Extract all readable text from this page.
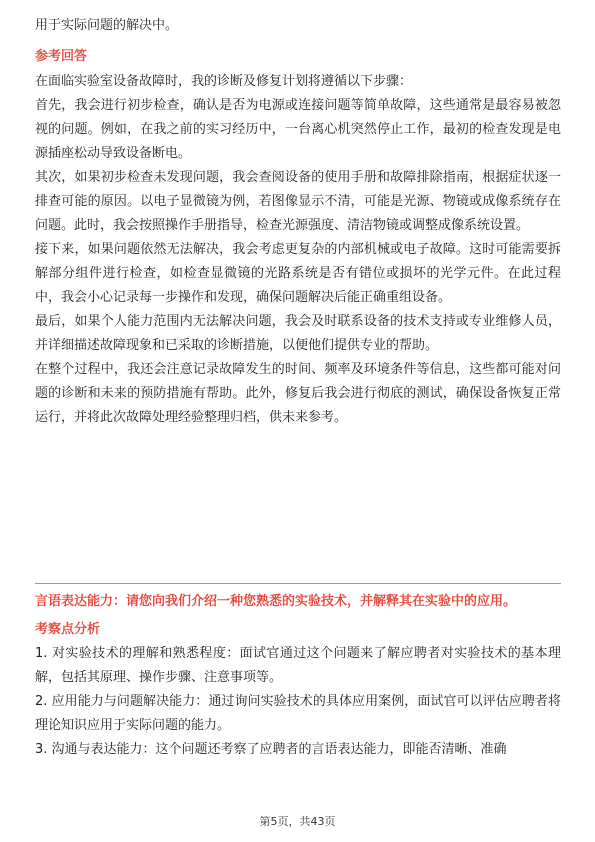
用于实际问题的解决中。

参考回答

在面临实验室设备故障时，我的诊断及修复计划将遵循以下步骤：

首先，我会进行初步检查，确认是否为电源或连接问题等简单故障，这些通常是最容易被忽视的问题。例如，在我之前的实习经历中，一台离心机突然停止工作，最初的检查发现是电源插座松动导致设备断电。

其次，如果初步检查未发现问题，我会查阅设备的使用手册和故障排除指南，根据症状逐一排查可能的原因。以电子显微镜为例，若图像显示不清，可能是光源、物镜或成像系统存在问题。此时，我会按照操作手册指导，检查光源强度、清洁物镜或调整成像系统设置。

接下来，如果问题依然无法解决，我会考虑更复杂的内部机械或电子故障。这时可能需要拆解部分组件进行检查，如检查显微镜的光路系统是否有错位或损坏的光学元件。在此过程中，我会小心记录每一步操作和发现，确保问题解决后能正确重组设备。

最后，如果个人能力范围内无法解决问题，我会及时联系设备的技术支持或专业维修人员，并详细描述故障现象和已采取的诊断措施，以便他们提供专业的帮助。

在整个过程中，我还会注意记录故障发生的时间、频率及环境条件等信息，这些都可能对问题的诊断和未来的预防措施有帮助。此外，修复后我会进行彻底的测试，确保设备恢复正常运行，并将此次故障处理经验整理归档，供未来参考。

言语表达能力：请您向我们介绍一种您熟悉的实验技术，并解释其在实验中的应用。

考察点分析

1. 对实验技术的理解和熟悉程度：面试官通过这个问题来了解应聘者对实验技术的基本理解，包括其原理、操作步骤、注意事项等。

2. 应用能力与问题解决能力：通过询问实验技术的具体应用案例，面试官可以评估应聘者将理论知识应用于实际问题的能力。

3. 沟通与表达能力：这个问题还考察了应聘者的言语表达能力，即能否清晰、准确

第5页，共43页
